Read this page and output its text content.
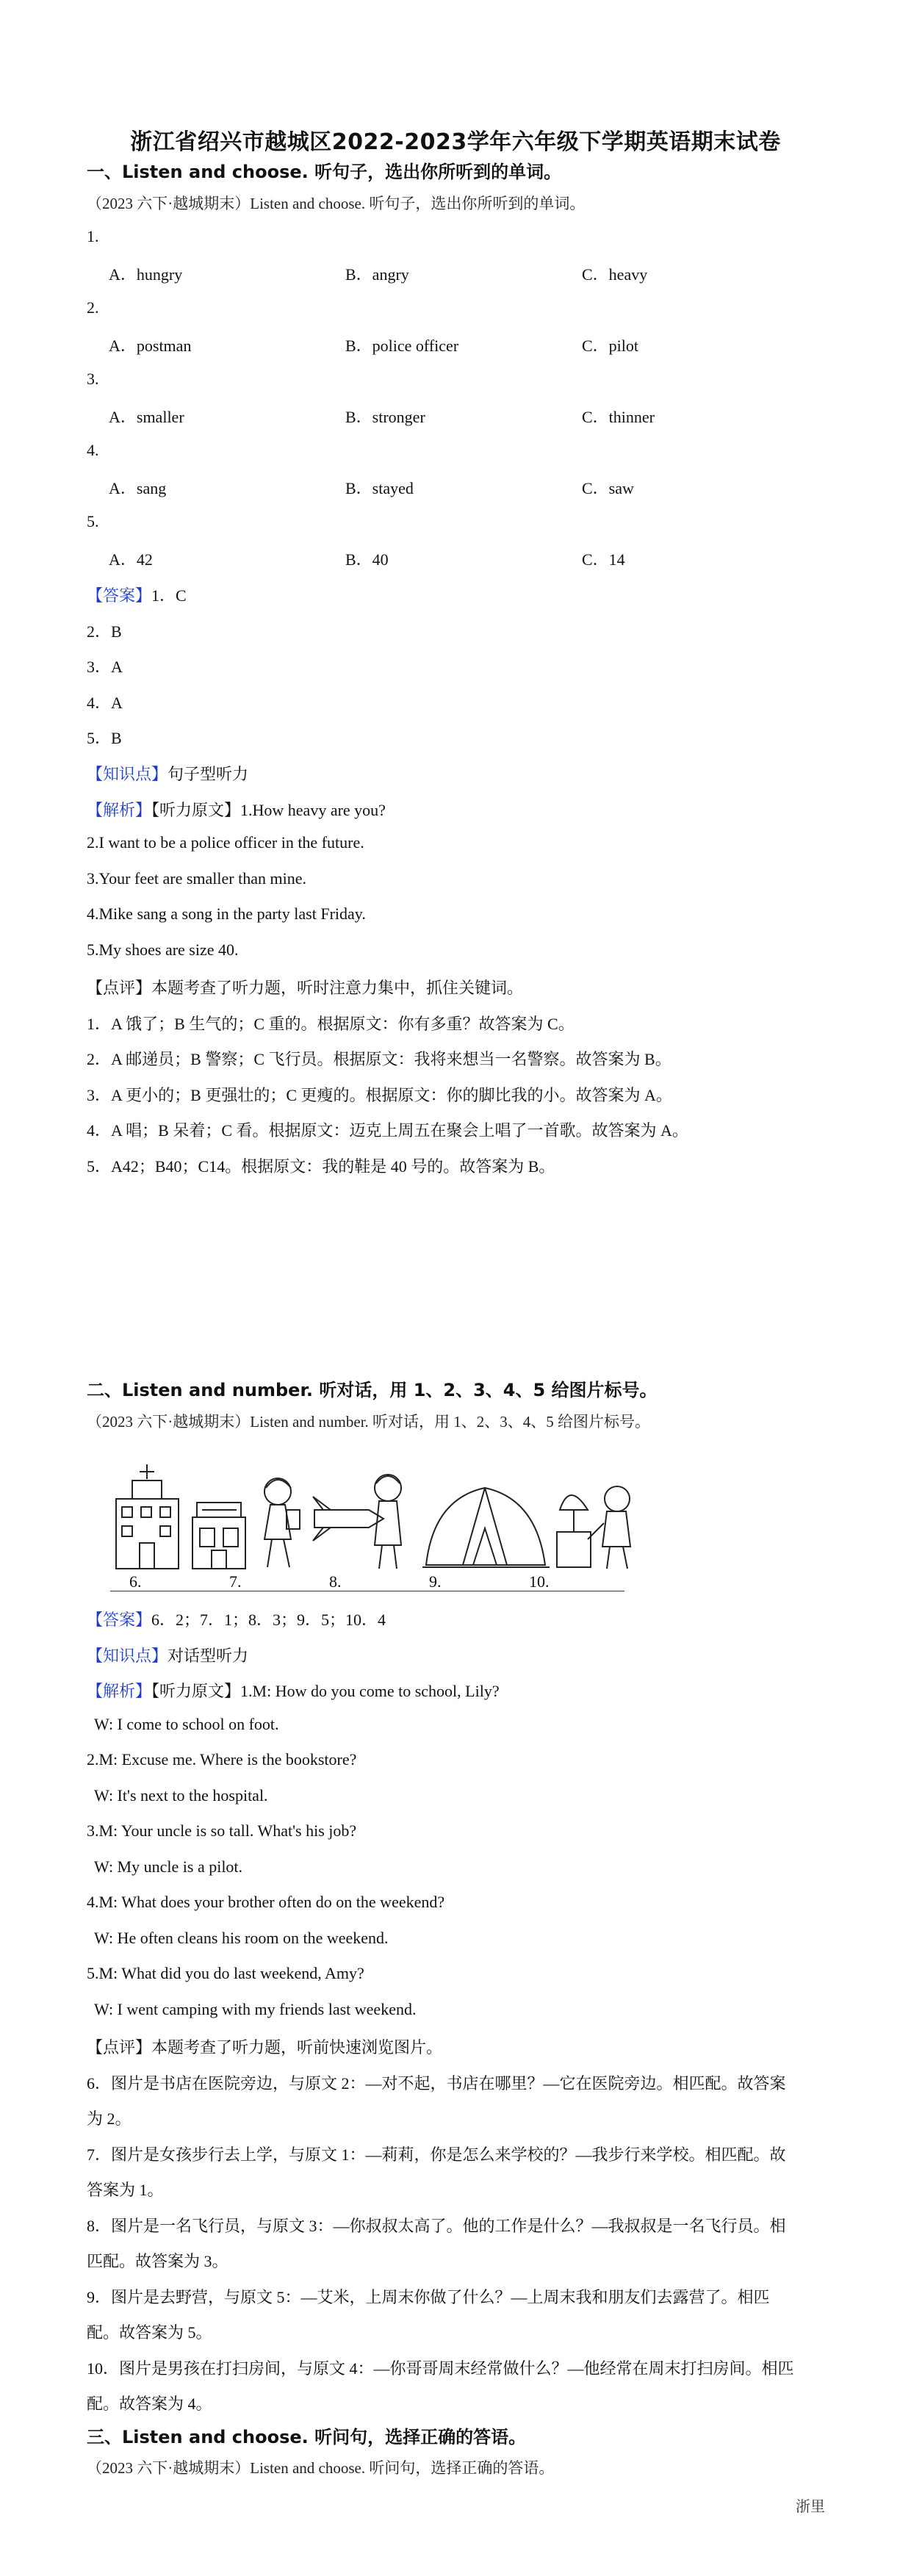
浙江省绍兴市越城区2022-2023学年六年级下学期英语期末试卷
一、Listen and choose. 听句子，选出你所听到的单词。
（2023 六下·越城期末）Listen and choose. 听句子，选出你所听到的单词。
1.
A．hungry	B．angry	C．heavy
2.
A．postman	B．police officer	C．pilot
3.
A．smaller	B．stronger	C．thinner
4.
A．sang	B．stayed	C．saw
5.
A．42	B．40	C．14
【答案】1．C
2．B
3．A
4．A
5．B
【知识点】句子型听力
【解析】【听力原文】1.How heavy are you?
2.I want to be a police officer in the future.
3.Your feet are smaller than mine.
4.Mike sang a song in the party last Friday.
5.My shoes are size 40.
【点评】本题考查了听力题，听时注意力集中，抓住关键词。
1．A 饿了；B 生气的；C 重的。根据原文：你有多重？故答案为 C。
2．A 邮递员；B 警察；C 飞行员。根据原文：我将来想当一名警察。故答案为 B。
3．A 更小的；B 更强壮的；C 更瘦的。根据原文：你的脚比我的小。故答案为 A。
4．A 唱；B 呆着；C 看。根据原文：迈克上周五在聚会上唱了一首歌。故答案为 A。
5．A42；B40；C14。根据原文：我的鞋是 40 号的。故答案为 B。
二、Listen and number. 听对话，用 1、2、3、4、5 给图片标号。
（2023 六下·越城期末）Listen and number. 听对话，用 1、2、3、4、5 给图片标号。
6.	7.	8.	9.	10.
【答案】6．2；7．1；8．3；9．5；10．4
【知识点】对话型听力
【解析】【听力原文】1.M: How do you come to school, Lily?
W: I come to school on foot.
2.M: Excuse me. Where is the bookstore?
W: It's next to the hospital.
3.M: Your uncle is so tall. What's his job?
W: My uncle is a pilot.
4.M: What does your brother often do on the weekend?
W: He often cleans his room on the weekend.
5.M: What did you do last weekend, Amy?
W: I went camping with my friends last weekend.
【点评】本题考查了听力题，听前快速浏览图片。
6．图片是书店在医院旁边，与原文 2：—对不起，书店在哪里？—它在医院旁边。相匹配。故答案
为 2。
7．图片是女孩步行去上学，与原文 1：—莉莉，你是怎么来学校的？—我步行来学校。相匹配。故
答案为 1。
8．图片是一名飞行员，与原文 3：—你叔叔太高了。他的工作是什么？—我叔叔是一名飞行员。相
匹配。故答案为 3。
9．图片是去野营，与原文 5：—艾米，上周末你做了什么？—上周末我和朋友们去露营了。相匹
配。故答案为 5。
10．图片是男孩在打扫房间，与原文 4：—你哥哥周末经常做什么？—他经常在周末打扫房间。相匹
配。故答案为 4。
三、Listen and choose. 听问句，选择正确的答语。
（2023 六下·越城期末）Listen and choose. 听问句，选择正确的答语。
浙里
